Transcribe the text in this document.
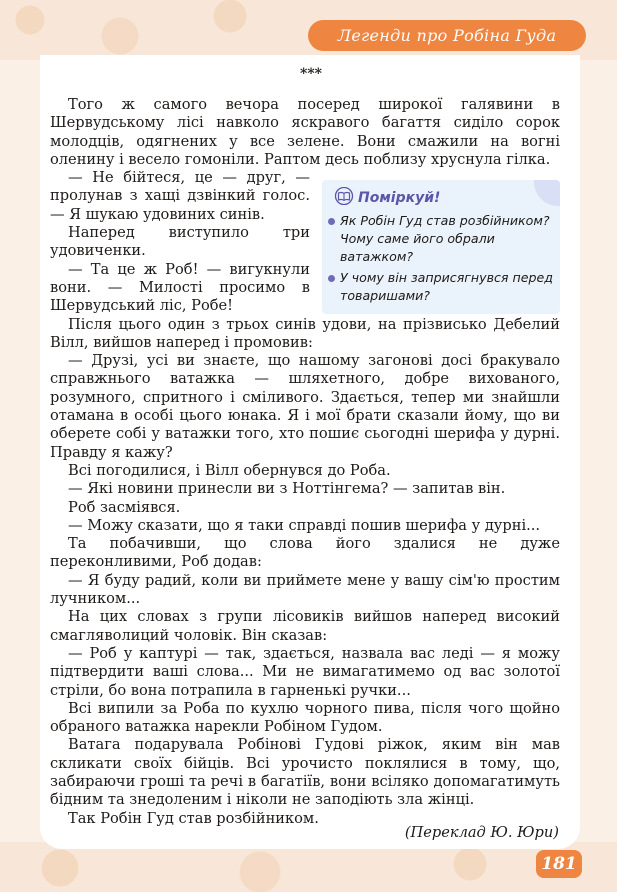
Легенди про Робіна Гуда
***

Того ж самого вечора посеред широкої галявини в Шервудському лісі навколо яскравого багаття сиділо сорок молодців, одягнених у все зелене. Вони смажили на вогні оленину і весело гомоніли. Раптом десь поблизу хруснула гілка.

— Не бійтеся, це — друг, — пролунав з хащі дзвінкий голос. — Я шукаю удовиних синів.

Наперед виступило три удовиченки.

— Та це ж Роб! — вигукнули вони. — Милості просимо в Шервудський ліс, Робе!

Після цього один з трьох синів удови, на прізвисько Дебелий Вілл, вийшов наперед і промовив:

— Друзі, усі ви знаєте, що нашому загонові досі бракувало справжнього ватажка — шляхетного, добре вихованого, розумного, спритного і сміливого. Здається, тепер ми знайшли отамана в особі цього юнака. Я і мої брати сказали йому, що ви оберете собі у ватажки того, хто пошиє сьогодні шерифа у дурні. Правду я кажу?

Всі погодилися, і Вілл обернувся до Роба.

— Які новини принесли ви з Ноттінгема? — запитав він.

Роб засміявся.

— Можу сказати, що я таки справді пошив шерифа у дурні...

Та побачивши, що слова його здалися не дуже переконливими, Роб додав:

— Я буду радий, коли ви приймете мене у вашу сім'ю простим лучником...

На цих словах з групи лісовиків вийшов наперед високий смагляволиций чоловік. Він сказав:

— Роб у каптурі — так, здається, назвала вас леді — я можу підтвердити ваші слова... Ми не вимагатимемо од вас золотої стріли, бо вона потрапила в гарненькі ручки...

Всі випили за Роба по кухлю чорного пива, після чого щойно обраного ватажка нарекли Робіном Гудом.

Ватага подарувала Робінові Гудові ріжок, яким він мав скликати своїх бійців. Всі урочисто поклялися в тому, що, забираючи гроші та речі в багатіїв, вони всіляко допомагатимуть бідним та знедоленим і ніколи не заподіють зла жінці.

Так Робін Гуд став розбійником.

Поміркуй!
Як Робін Гуд став розбійником? Чому саме його обрали ватажком?
У чому він заприсягнувся перед товаришами?
(Переклад Ю. Юри)
181
